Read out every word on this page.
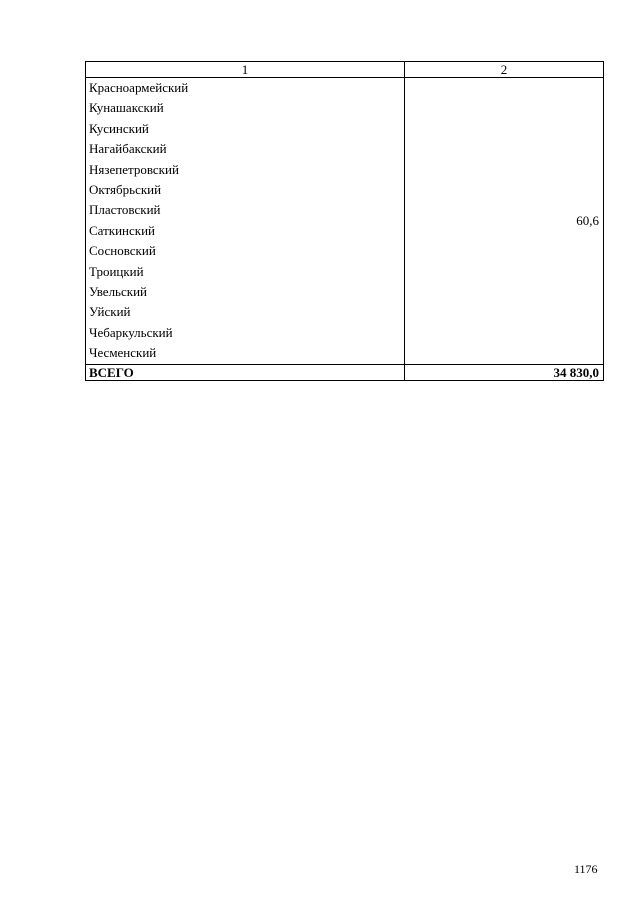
1	2
Красноармейский	60,6
Кунашакский	
Кусинский	
Нагайбакский	
Нязепетровский	
Октябрьский	
Пластовский	
Саткинский	
Сосновский	
Троицкий	
Увельский	
Уйский	
Чебаркульский	
Чесменский	
ВСЕГО	34 830,0
1176
